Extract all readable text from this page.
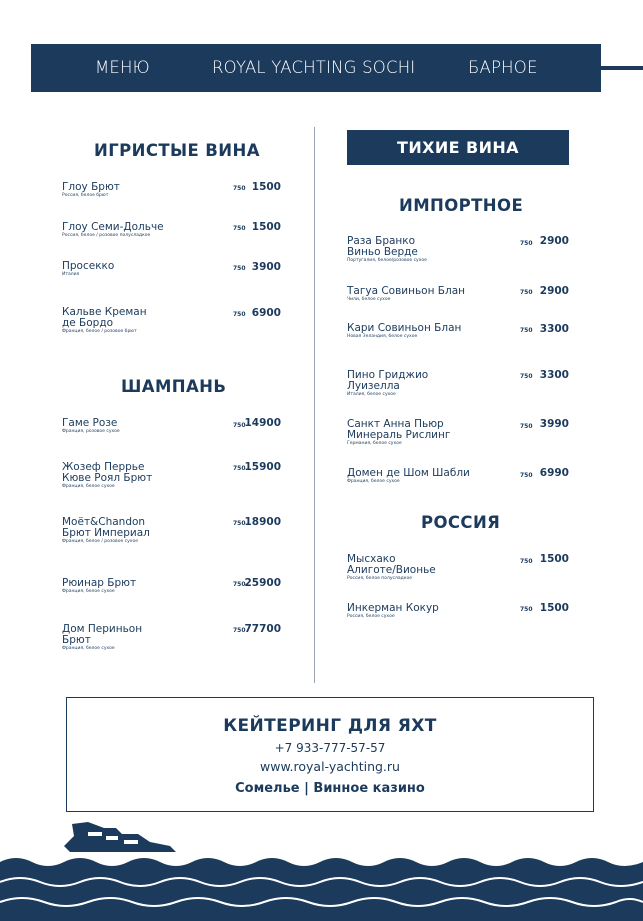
МЕНЮ	ROYAL YACHTING SOCHI	БАРНОЕ
ИГРИСТЫЕ ВИНА
Глоу Брют
Россия, белое брют
750 1500
Глоу Семи-Дольче
Россия, белое / розовое полусладкое
750 1500
Просекко
Италия
750 3900
Кальве Креман
де Бордо
Франция, белое / розовое брют
750 6900
ШАМПАНЬ
Гаме Розе
Франция, розовое сухое
750
14900
Жозеф Перрье
Кюве Роял Брют
Франция, белое сухое
750
15900
Моёт&Chandon
Брют Империал
Франция, белое / розовое сухое
750
18900
Рюинар Брют
Франция, белое сухое
750
25900
Дом Периньон
Брют
Франция, белое сухое
750
77700
ТИХИЕ ВИНА
ИМПОРТНОЕ
Раза Бранко
Виньо Верде
Португалия, белое/розовое сухое
750 2900
Тагуа Совиньон Блан
Чили, белое сухое
750 2900
Кари Совиньон Блан
Новая Зеландия, белое сухое
750 3300
Пино Гриджио
Луизелла
Италия, белое сухое
750 3300
Санкт Анна Пьюр
Минераль Рислинг
Германия, белое сухое
750 3990
Домен де Шом Шабли
Франция, белое сухое
750 6990
РОССИЯ
Мысхако
Алиготе/Вионье
Россия, белое полусладкое
750 1500
Инкерман Кокур
Россия, белое сухое
750 1500
КЕЙТЕРИНГ ДЛЯ ЯХТ
+7 933-777-57-57
www.royal-yachting.ru
Сомелье | Винное казино
